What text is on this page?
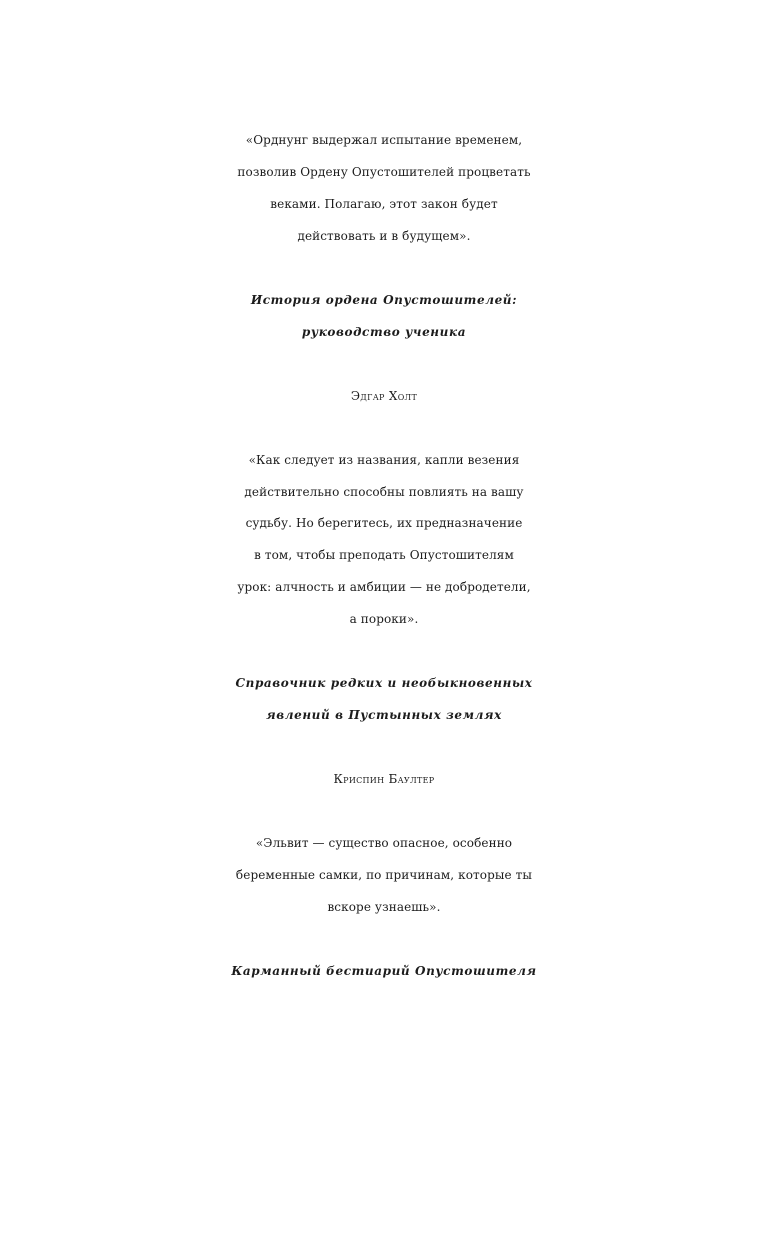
«Орднунг выдержал испытание временем,
позволив Ордену Опустошителей процветать
веками. Полагаю, этот закон будет
действовать и в будущем».
История ордена Опустошителей:
руководство ученика
Эдгар Холт
«Как следует из названия, капли везения
действительно способны повлиять на вашу
судьбу. Но берегитесь, их предназначение
в том, чтобы преподать Опустошителям
урок: алчность и амбиции — не добродетели,
а пороки».
Справочник редких и необыкновенных
явлений в Пустынных землях
Криспин Баултер
«Эльвит — существо опасное, особенно
беременные самки, по причинам, которые ты
вскоре узнаешь».
Карманный бестиарий Опустошителя
